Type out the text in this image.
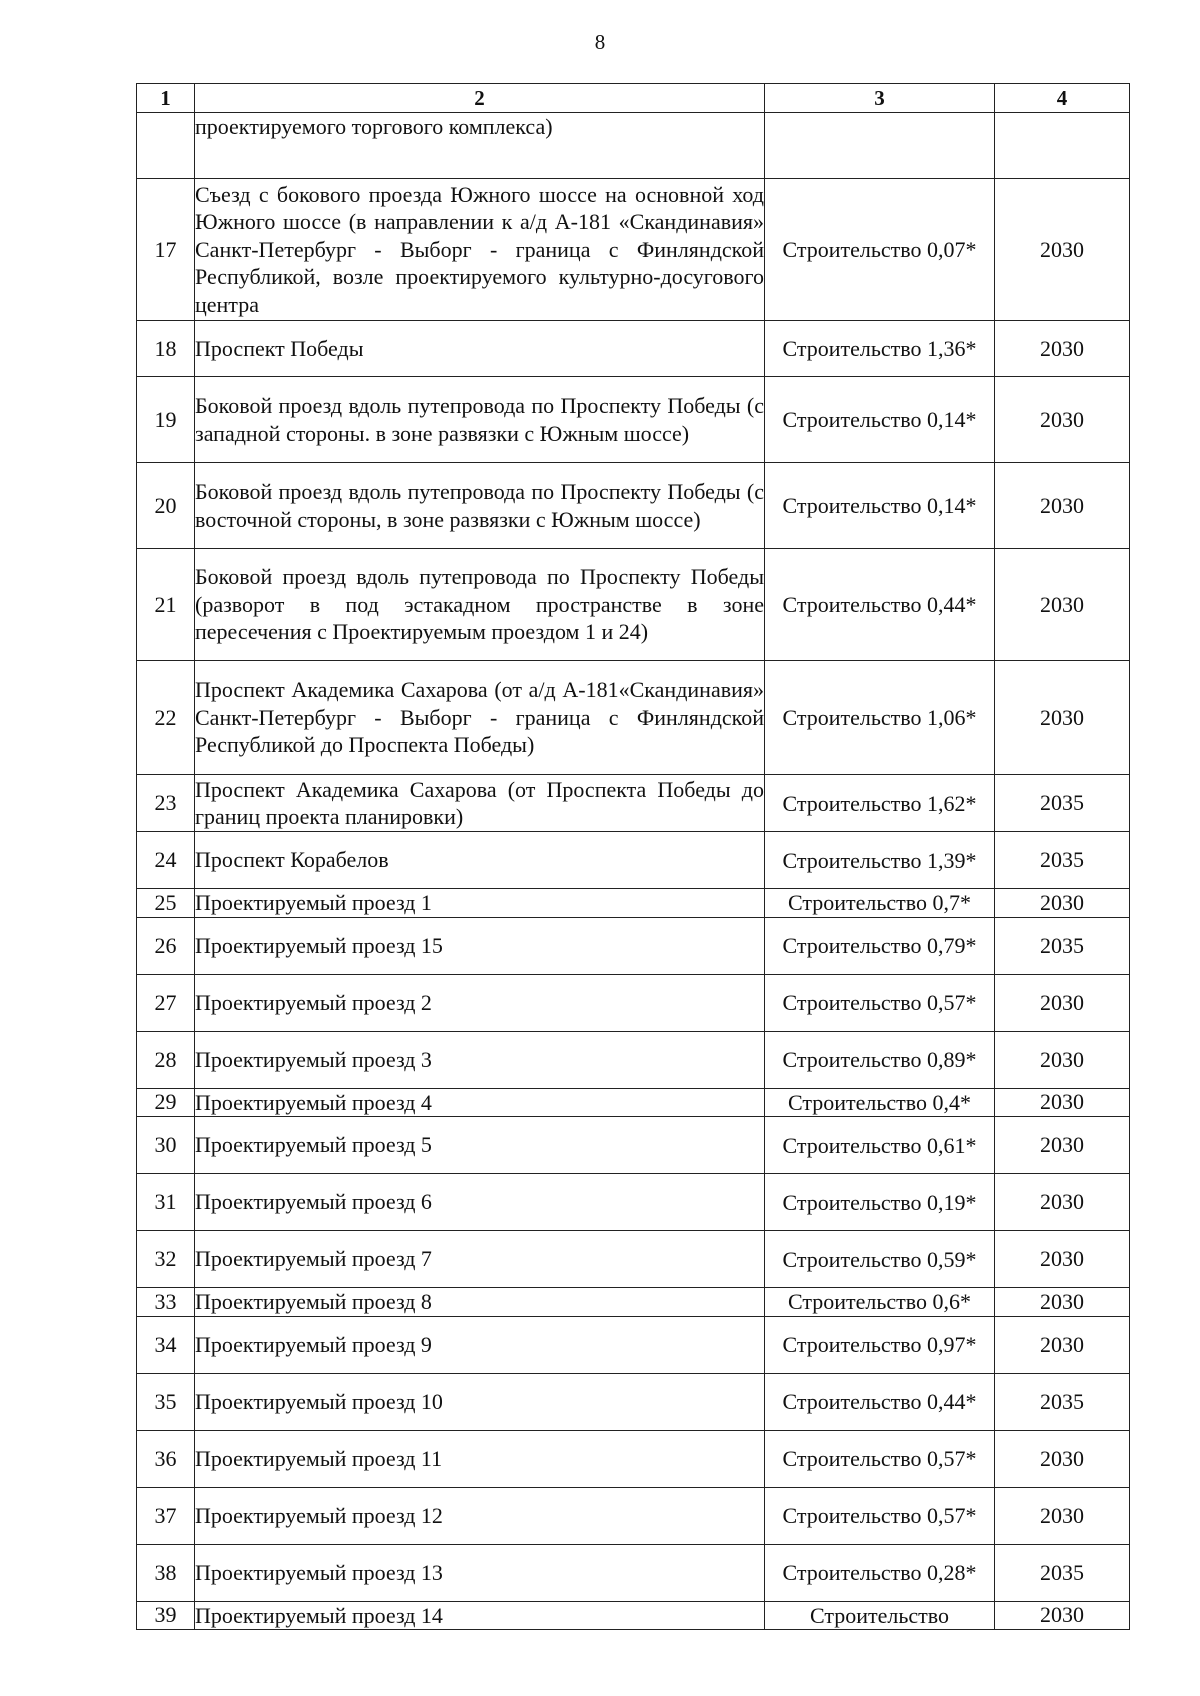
8
1	2	3	4
	проектируемого торгового комплекса)		
17	Съезд с бокового проезда Южного шоссе на основной ход Южного шоссе (в направлении к а/д А-181 «Скандинавия» Санкт-Петербург - Выборг - граница с Финляндской Республикой, возле проектируемого культурно-досугового центра	Строительство 0,07*	2030
18	Проспект Победы	Строительство 1,36*	2030
19	Боковой проезд вдоль путепровода по Проспекту Победы (с западной стороны. в зоне развязки с Южным шоссе)	Строительство 0,14*	2030
20	Боковой проезд вдоль путепровода по Проспекту Победы (с восточной стороны, в зоне развязки с Южным шоссе)	Строительство 0,14*	2030
21	Боковой проезд вдоль путепровода по Проспекту Победы (разворот в под эстакадном пространстве в зоне пересечения с Проектируемым проездом 1 и 24)	Строительство 0,44*	2030
22	Проспект Академика Сахарова (от а/д А-181«Скандинавия» Санкт-Петербург - Выборг - граница с Финляндской Республикой до Проспекта Победы)	Строительство 1,06*	2030
23	Проспект Академика Сахарова (от Проспекта Победы до границ проекта планировки)	Строительство 1,62*	2035
24	Проспект Корабелов	Строительство 1,39*	2035
25	Проектируемый проезд 1	Строительство 0,7*	2030
26	Проектируемый проезд 15	Строительство 0,79*	2035
27	Проектируемый проезд 2	Строительство 0,57*	2030
28	Проектируемый проезд 3	Строительство 0,89*	2030
29	Проектируемый проезд 4	Строительство 0,4*	2030
30	Проектируемый проезд 5	Строительство 0,61*	2030
31	Проектируемый проезд 6	Строительство 0,19*	2030
32	Проектируемый проезд 7	Строительство 0,59*	2030
33	Проектируемый проезд 8	Строительство 0,6*	2030
34	Проектируемый проезд 9	Строительство 0,97*	2030
35	Проектируемый проезд 10	Строительство 0,44*	2035
36	Проектируемый проезд 11	Строительство 0,57*	2030
37	Проектируемый проезд 12	Строительство 0,57*	2030
38	Проектируемый проезд 13	Строительство 0,28*	2035
39	Проектируемый проезд 14	Строительство	2030
